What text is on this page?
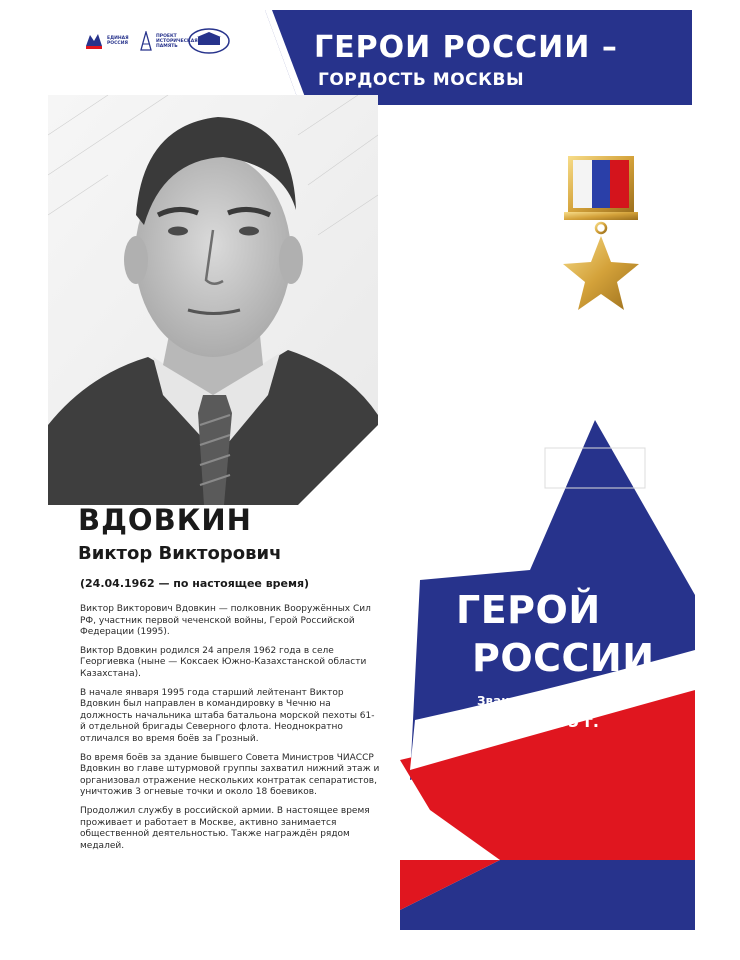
ЕДИНАЯ РОССИЯ
ПРОЕКТ ИСТОРИЧЕСКАЯ ПАМЯТЬ	ГЕРОИ РОССИИ –
ГОРДОСТЬ МОСКВЫ
ГЕРОЙ
РОССИИ
Звание присвоено
3 мая 1995 г.
ВДОВКИН
Виктор Викторович
(24.04.1962 — по настоящее время)

Виктор Викторович Вдовкин — полковник Вооружённых Сил РФ, участник первой чеченской войны, Герой Российской Федерации (1995).

Виктор Вдовкин родился 24 апреля 1962 года в селе Георгиевка (ныне — Коксаек Южно-Казахстанской области Казахстана).

В начале января 1995 года старший лейтенант Виктор Вдовкин был направлен в командировку в Чечню на должность начальника штаба батальона морской пехоты 61-й отдельной бригады Северного флота. Неоднократно отличался во время боёв за Грозный.

Во время боёв за здание бывшего Совета Министров ЧИАССР Вдовкин во главе штурмовой группы захватил нижний этаж и организовал отражение нескольких контратак сепаратистов, уничтожив 3 огневые точки и около 18 боевиков.

Продолжил службу в российской армии. В настоящее время проживает и работает в Москве, активно занимается общественной деятельностью. Также награждён рядом медалей.
